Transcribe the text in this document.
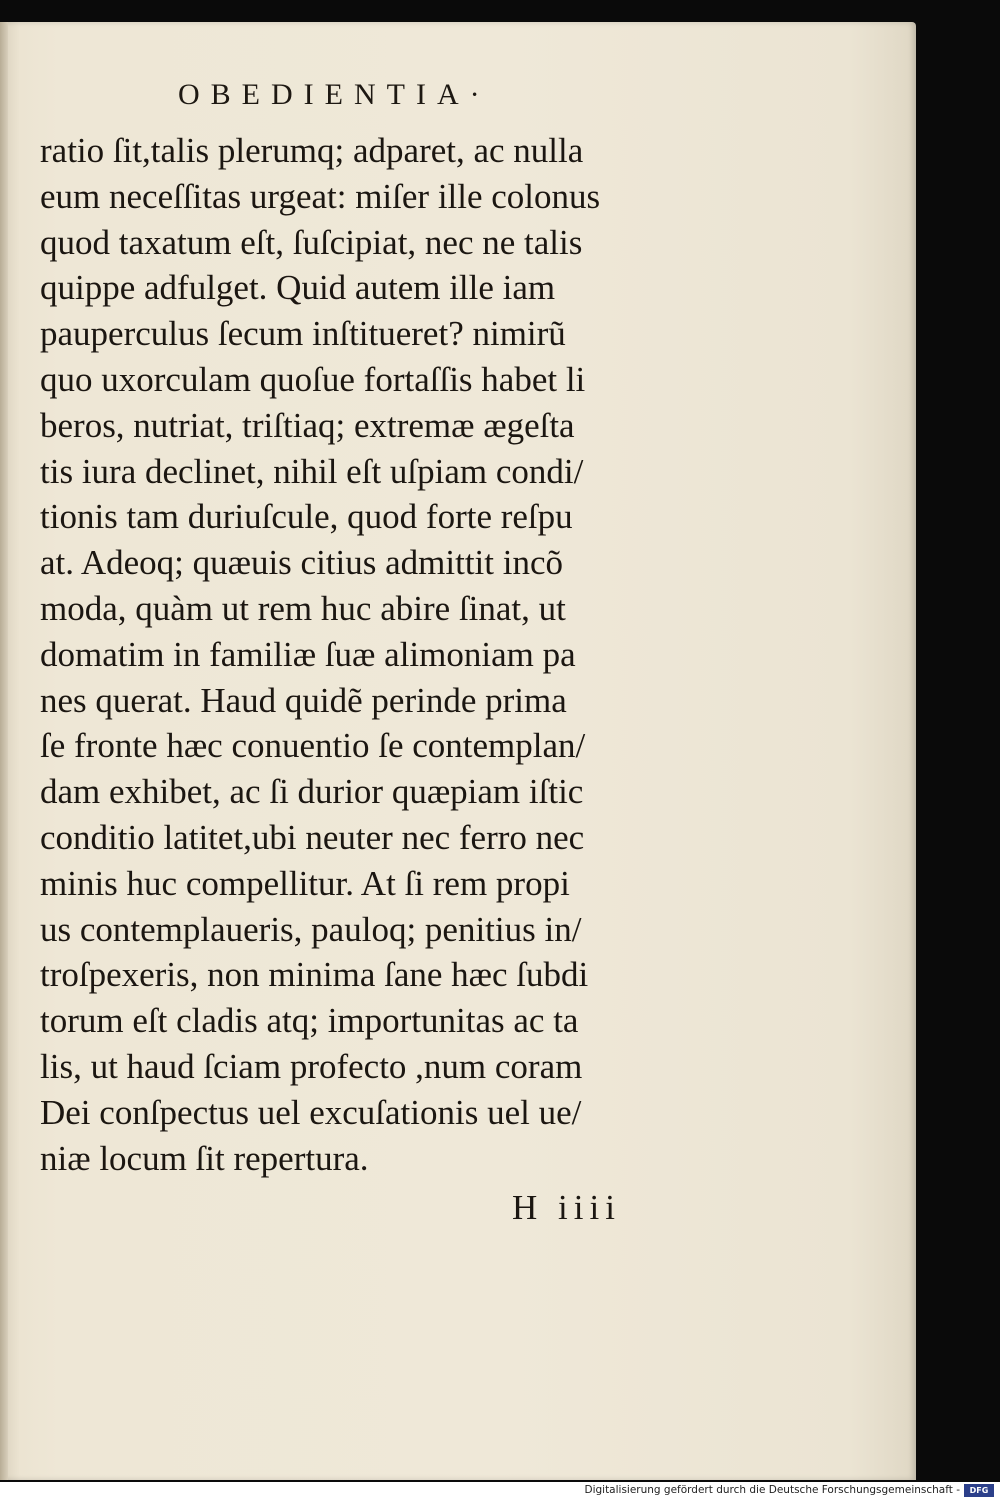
OBEDIENTIA·
ratio ſit,talis plerumq; adparet, ac nulla
eum neceſſitas urgeat: miſer ille colonus
quod taxatum eſt, ſuſcipiat, nec ne talis
quippe adfulget. Quid autem ille iam
pauperculus ſecum inſtitueret? nimirũ
quo uxorculam quoſue fortaſſis habet li
beros, nutriat, triſtiaq; extremæ ægeſta
tis iura declinet, nihil eſt uſpiam condi/
tionis tam duriuſcule, quod forte reſpu
at. Adeoq; quæuis citius admittit incõ
moda, quàm ut rem huc abire ſinat, ut
domatim in familiæ ſuæ alimoniam pa
nes querat. Haud quidẽ perinde prima
ſe fronte hæc conuentio ſe contemplan/
dam exhibet, ac ſi durior quæpiam iſtic
conditio latitet,ubi neuter nec ferro nec
minis huc compellitur. At ſi rem propi
us contemplaueris, pauloq; penitius in/
troſpexeris, non minima ſane hæc ſubdi
torum eſt cladis atq; importunitas ac ta
lis, ut haud ſciam profecto ,num coram
Dei conſpectus uel excuſationis uel ue/
niæ locum ſit repertura.
H iiii
Digitalisierung gefördert durch die Deutsche Forschungsgemeinschaft -	DFG
